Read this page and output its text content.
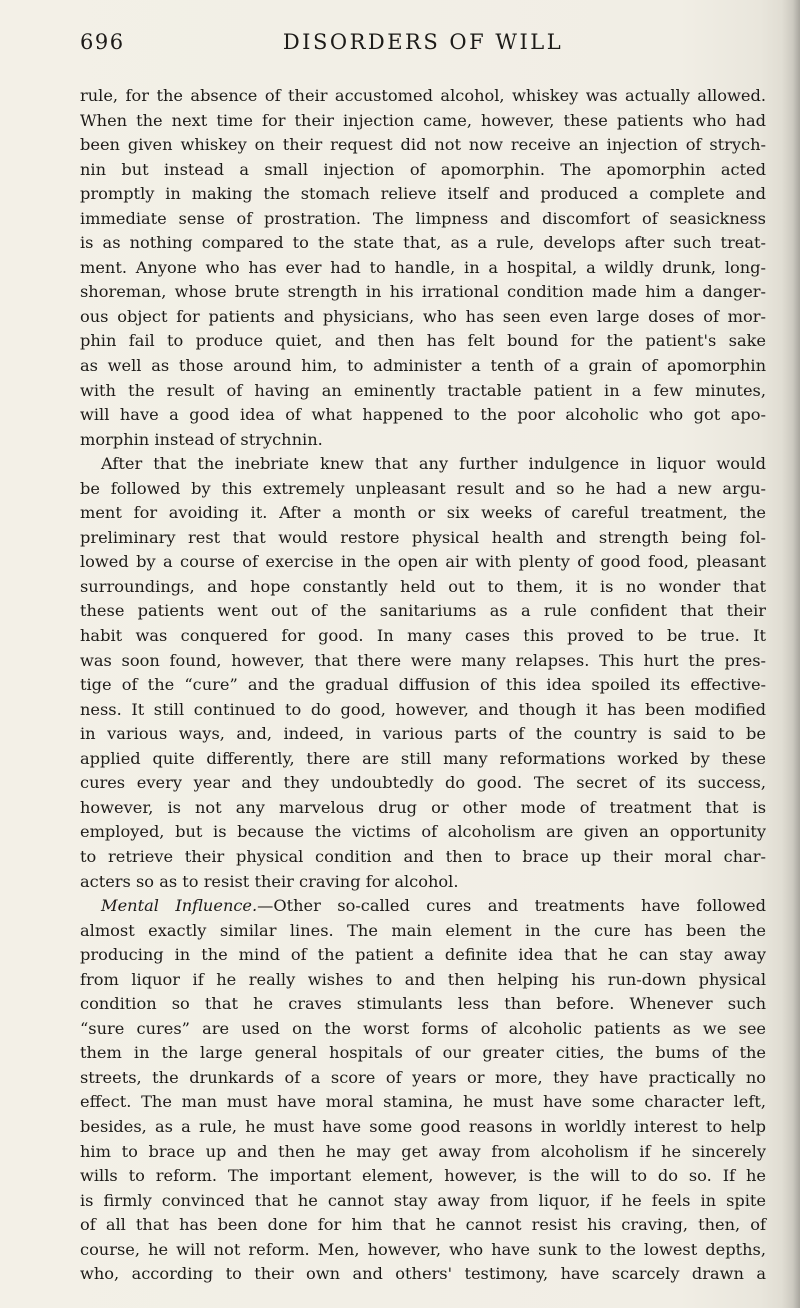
696	DISORDERS OF WILL
rule, for the absence of their accustomed alcohol, whiskey was actually allowed.
When the next time for their injection came, however, these patients who had
been given whiskey on their request did not now receive an injection of strych-
nin but instead a small injection of apomorphin. The apomorphin acted
promptly in making the stomach relieve itself and produced a complete and
immediate sense of prostration. The limpness and discomfort of seasickness
is as nothing compared to the state that, as a rule, develops after such treat-
ment. Anyone who has ever had to handle, in a hospital, a wildly drunk, long-
shoreman, whose brute strength in his irrational condition made him a danger-
ous object for patients and physicians, who has seen even large doses of mor-
phin fail to produce quiet, and then has felt bound for the patient's sake
as well as those around him, to administer a tenth of a grain of apomorphin
with the result of having an eminently tractable patient in a few minutes,
will have a good idea of what happened to the poor alcoholic who got apo-
morphin instead of strychnin.
After that the inebriate knew that any further indulgence in liquor would
be followed by this extremely unpleasant result and so he had a new argu-
ment for avoiding it. After a month or six weeks of careful treatment, the
preliminary rest that would restore physical health and strength being fol-
lowed by a course of exercise in the open air with plenty of good food, pleasant
surroundings, and hope constantly held out to them, it is no wonder that
these patients went out of the sanitariums as a rule confident that their
habit was conquered for good. In many cases this proved to be true. It
was soon found, however, that there were many relapses. This hurt the pres-
tige of the “cure” and the gradual diffusion of this idea spoiled its effective-
ness. It still continued to do good, however, and though it has been modified
in various ways, and, indeed, in various parts of the country is said to be
applied quite differently, there are still many reformations worked by these
cures every year and they undoubtedly do good. The secret of its success,
however, is not any marvelous drug or other mode of treatment that is
employed, but is because the victims of alcoholism are given an opportunity
to retrieve their physical condition and then to brace up their moral char-
acters so as to resist their craving for alcohol.
Mental Influence.—Other so-called cures and treatments have followed
almost exactly similar lines. The main element in the cure has been the
producing in the mind of the patient a definite idea that he can stay away
from liquor if he really wishes to and then helping his run-down physical
condition so that he craves stimulants less than before. Whenever such
“sure cures” are used on the worst forms of alcoholic patients as we see
them in the large general hospitals of our greater cities, the bums of the
streets, the drunkards of a score of years or more, they have practically no
effect. The man must have moral stamina, he must have some character left,
besides, as a rule, he must have some good reasons in worldly interest to help
him to brace up and then he may get away from alcoholism if he sincerely
wills to reform. The important element, however, is the will to do so. If he
is firmly convinced that he cannot stay away from liquor, if he feels in spite
of all that has been done for him that he cannot resist his craving, then, of
course, he will not reform. Men, however, who have sunk to the lowest depths,
who, according to their own and others' testimony, have scarcely drawn a
